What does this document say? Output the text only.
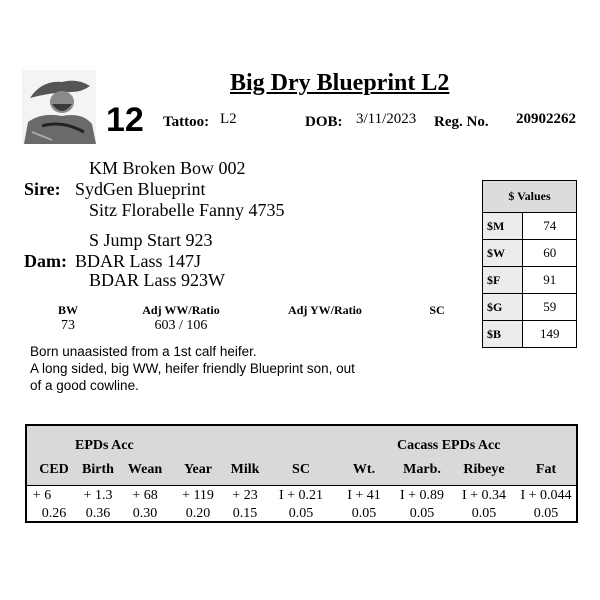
Big Dry Blueprint L2
12 Tattoo: L2	DOB: 3/11/2023 Reg. No. 20902262
KM Broken Bow 002
Sire: SydGen Blueprint
Sitz Florabelle Fanny 4735
S Jump Start 923
Dam: BDAR Lass 147J
BDAR Lass 923W
$ Values	
$M	74
$W	60
$F	91
$G	59
$B	149
BW	Adj WW/Ratio	Adj YW/Ratio	SC
73	603 / 106
Born unaasisted from a 1st calf heifer.
A long sided, big WW, heifer friendly Blueprint son, out
of a good cowline.
EPDs Acc	Cacass EPDs Acc
CED Birth Wean	Year	Milk	SC	Wt.	Marb.	Ribeye	Fat
+ 6	+ 1.3	+ 68	+ 119	+ 23	I + 0.21	I + 41	I + 0.89	I + 0.34	I + 0.044
0.26	0.36	0.30	0.20	0.15	0.05	0.05	0.05	0.05	0.05
